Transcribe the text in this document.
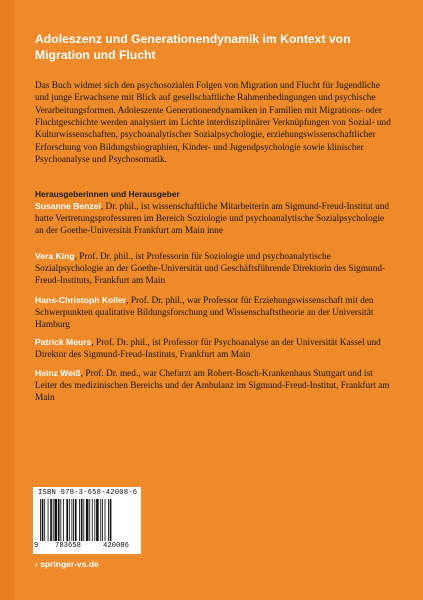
Adoleszenz und Generationendynamik im Kontext von Migration und Flucht

Das Buch widmet sich den psychosozialen Folgen von Migration und Flucht für Jugendliche und junge Erwachsene mit Blick auf gesellschaftliche Rahmenbedingungen und psychische Verarbeitungsformen. Adoleszente Generationendynamiken in Familien mit Migrations- oder Fluchtgeschichte werden analysiert im Lichte interdisziplinärer Verknüpfungen von Sozial- und Kulturwissenschaften, psychoanalytischer Sozialpsychologie, erziehungswissenschaftlicher Erforschung von Bildungsbiographien, Kinder- und Jugendpsychologie sowie klinischer Psychoanalyse und Psychosomatik.

Herausgeberinnen und Herausgeber

Susanne Benzel, Dr. phil., ist wissenschaftliche Mitarbeiterin am Sigmund-Freud-Institut und hatte Vertretungsprofessuren im Bereich Soziologie und psychoanalytische Sozialpsychologie an der Goethe-Universität Frankfurt am Main inne

Vera King, Prof. Dr. phil., ist Professorin für Soziologie und psychoanalytische Sozialpsychologie an der Goethe-Universität und Geschäftsführende Direktorin des Sigmund-Freud-Instituts, Frankfurt am Main

Hans-Christoph Koller, Prof. Dr. phil., war Professor für Erziehungswissenschaft mit den Schwerpunkten qualitative Bildungsforschung und Wissenschaftstheorie an der Universität Hamburg

Patrick Meurs, Prof. Dr. phil., ist Professor für Psychoanalyse an der Universität Kassel und Direktor des Sigmund-Freud-Instituts, Frankfurt am Main

Heinz Weiß, Prof. Dr. med., war Chefarzt am Robert-Bosch-Krankenhaus Stuttgart und ist Leiter des medizinischen Bereichs und der Ambulanz im Sigmund-Freud-Institut, Frankfurt am Main

ISBN 978-3-658-42008-6
9	783658	420086
› springer-vs.de
